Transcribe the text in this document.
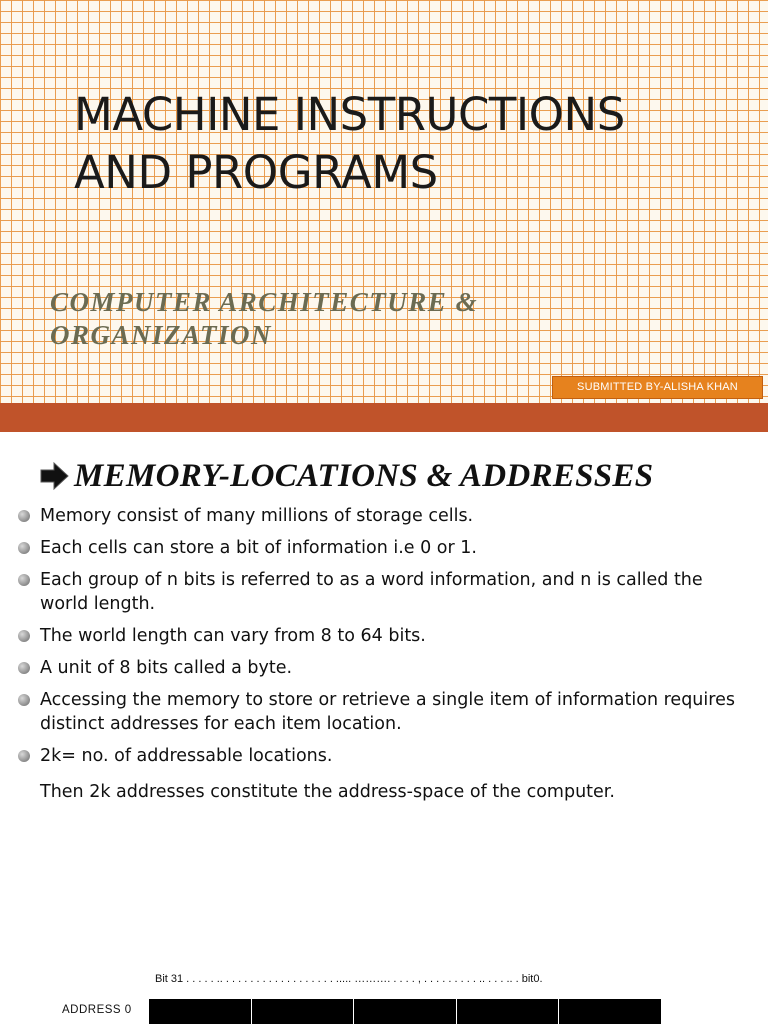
MACHINE INSTRUCTIONS
AND PROGRAMS
COMPUTER ARCHITECTURE &
ORGANIZATION
SUBMITTED BY-ALISHA KHAN
MEMORY-LOCATIONS & ADDRESSES
Memory consist of many millions of storage cells.
Each cells can store a bit of information i.e 0 or 1.
Each group of n bits is referred to as a word information, and n is called the world length.
The world length can vary from 8 to 64 bits.
A unit of 8 bits called a byte.
Accessing the memory to store or retrieve a single item of information requires distinct addresses for each item location.
2k= no. of addressable locations.
Then 2k addresses constitute the address-space of the computer.
Bit 31 . . . . . .. . . . . . . . . . . . . . . . . . . ..... ………. . . . . , . . . . . . . . . .. . . . .. . bit0.
ADDRESS 0
